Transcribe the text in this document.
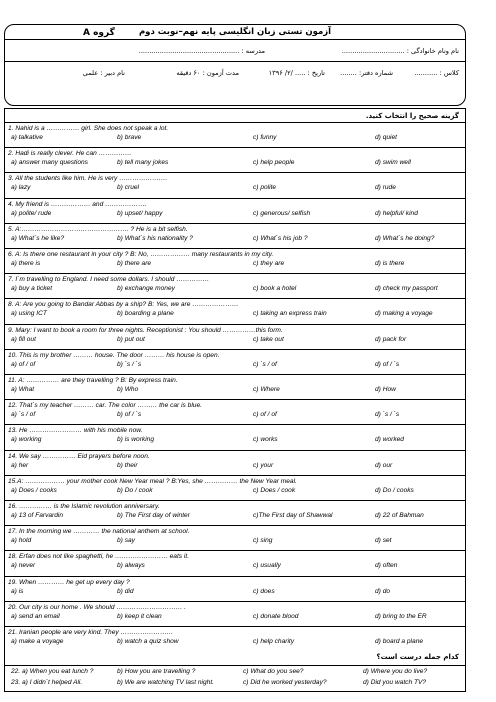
گروه A	آزمون تستی زبان انگلیسی پایه نهم–نوبت دوم
نام ونام خانوادگی : ..............................
مدرسه : ................................................
کلاس : ...........
شماره دفتر: ........
تاریخ : ..... /۲/ ۱۳۹۶
مدت آزمون : ۶۰ دقیقه
نام دبیر : علمی
گزینه صحیح را انتخاب کنید.
1. Nahid is a …………… girl. She does not speak a lot.
a) talkative	b) brave	c) funny	d) quiet
2. Hadi is really clever. He can ……………
a) answer many questions	b) tell many jokes	c) help people	d) swim well
3. All the students like him. He is very ………………….
a) lazy	b) cruel	c) polite	d) rude
4. My friend is ……………… and ……………….
a) polite/ rude	b) upset/ happy	c) generous/ selfish	d) helpful/ kind
5. A:…………………………………………. ? He is a bit selfish.
a) What`s he like?	b) What`s his nationality ?	c) What`s his job ?	d) What`s he doing?
6. A: Is there one restaurant in your city ? B: No, ……………… many restaurants in my city.
a) there is	b) there are	c) they are	d) is there
7. I`m travelling to England. I need some dollars. I should ……………
a) buy a ticket	b) exchange money	c) book a hotel	d) check my passport
8. A: Are you going to Bandar Abbas by a ship? B: Yes, we are …………………
a) using ICT	b) boarding a plane	c) taking an express train	d) making a voyage
9. Mary: I want to book a room for three nights. Receptionist : You should ……………this form.
a) fill out	b) put out	c) take out	d) pack for
10. This is my brother ……… house. The door ……… his house is open.
a) of / of	b) `s / `s	c) `s / of	d) of / `s
11. A: …………… are they travelling ? B: By express train.
a) What	b) Who	c) Where	d) How
12. That`s my teacher ……… car. The color ……… the car is blue.
a) `s / of	b) of / `s	c) of / of	d) `s / `s
13. He …………………… with his mobile now.
a) working	b) is working	c) works	d) worked
14. We say …………… Eid prayers before noon.
a) her	b) their	c) your	d) our
15.A: ……………… your mother cook New Year meal ? B:Yes, she …………… the New Year meal.
a) Does / cooks	b) Do / cook	c) Does / cook	d) Do / cooks
16. …………… is the Islamic revolution anniversary.
a) 13 of Farvardin	b) The First day of winter	c)The First day of Shawwal	d) 22 of Bahman
17. In the morning we ………… the national anthem at school.
a) hold	b) say	c) sing	d) set
18. Erfan does not like spaghetti, he …………………… eats it.
a) never	b) always	c) usually	d) often
19. When ………… he get up every day ?
a) is	b) did	c) does	d) do
20. Our city is our home . We should ………………………… .
a) send an email	b) keep it clean	c) donate blood	d) bring to the ER
21. Iranian people are very kind. They ……………………
a) make a voyage	b) watch a quiz show	c) help charity	d) board a plane
کدام جمله درست است؟
22. a) When you eat lunch ?	b) How you are travelling ?	c) What do you see?	d) Where you do live?
23. a) I didn`t helped Ali.	b) We are watching TV last night.	c) Did he worked yesterday?	d) Did you watch TV?
